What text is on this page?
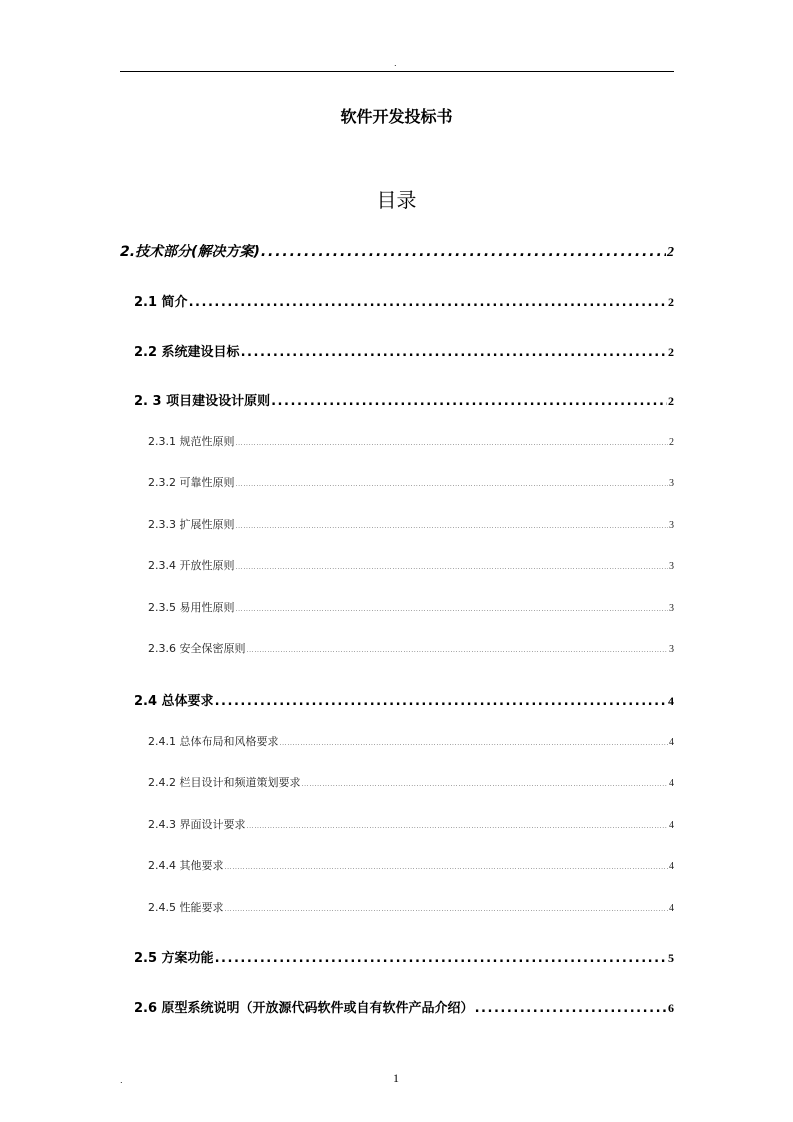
.
软件开发投标书
目录
2.技术部分(解决方案) . . .	2
2.1 简介 . . .	2
2.2 系统建设目标 . . .	2
2. 3 项目建设设计原则 . . .	2
2.3.1 规范性原则 . . .	2
2.3.2 可靠性原则 . . .	3
2.3.3 扩展性原则 . . .	3
2.3.4 开放性原则 . . .	3
2.3.5 易用性原则 . . .	3
2.3.6 安全保密原则 . . .	3
2.4 总体要求 . . .	4
2.4.1 总体布局和风格要求 . . .	4
2.4.2 栏目设计和频道策划要求 . . .	4
2.4.3 界面设计要求 . . .	4
2.4.4 其他要求 . . .	4
2.4.5 性能要求 . . .	4
2.5 方案功能 . . .	5
2.6 原型系统说明（开放源代码软件或自有软件产品介绍） . . .	6
.	1
